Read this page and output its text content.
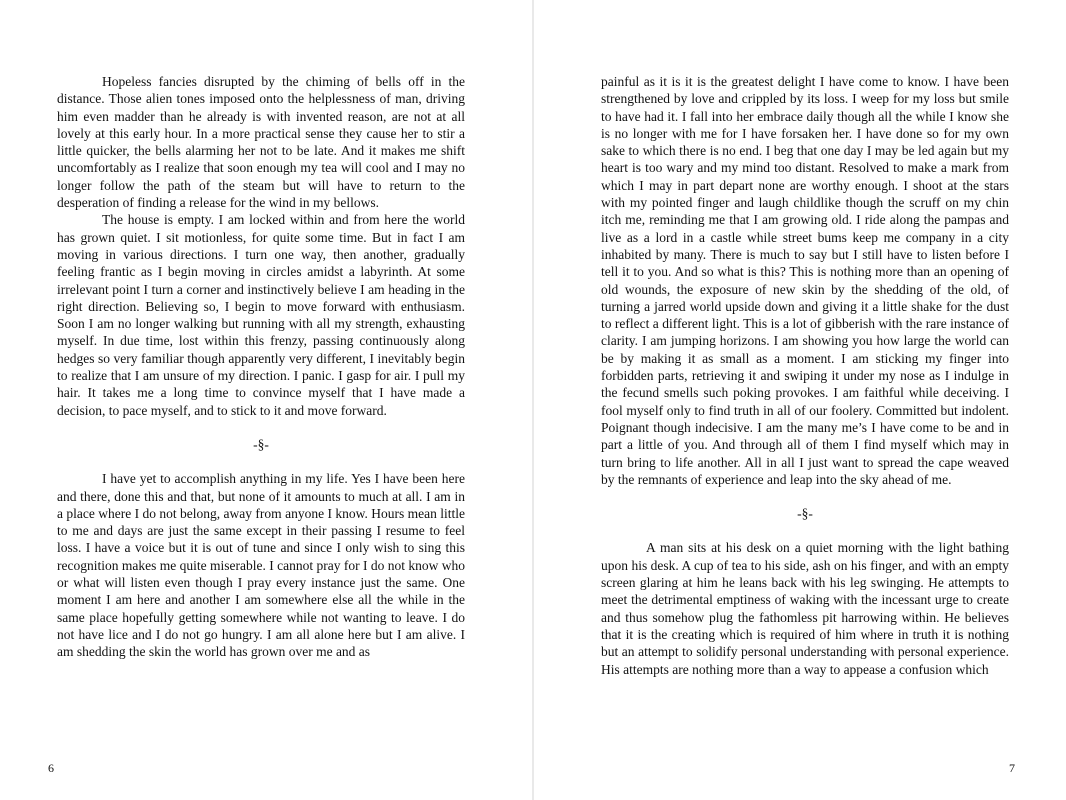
Hopeless fancies disrupted by the chiming of bells off in the distance. Those alien tones imposed onto the helplessness of man, driving him even madder than he already is with invented reason, are not at all lovely at this early hour. In a more practical sense they cause her to stir a little quicker, the bells alarming her not to be late. And it makes me shift uncomfortably as I realize that soon enough my tea will cool and I may no longer follow the path of the steam but will have to return to the desperation of finding a release for the wind in my bellows.

The house is empty. I am locked within and from here the world has grown quiet. I sit motionless, for quite some time. But in fact I am moving in various directions. I turn one way, then another, gradually feeling frantic as I begin moving in circles amidst a labyrinth. At some irrelevant point I turn a corner and instinctively believe I am heading in the right direction. Believing so, I begin to move forward with enthusiasm. Soon I am no longer walking but running with all my strength, exhausting myself. In due time, lost within this frenzy, passing continuously along hedges so very familiar though apparently very different, I inevitably begin to realize that I am unsure of my direction. I panic. I gasp for air. I pull my hair. It takes me a long time to convince myself that I have made a decision, to pace myself, and to stick to it and move forward.

-§-

I have yet to accomplish anything in my life. Yes I have been here and there, done this and that, but none of it amounts to much at all. I am in a place where I do not belong, away from anyone I know. Hours mean little to me and days are just the same except in their passing I resume to feel loss. I have a voice but it is out of tune and since I only wish to sing this recognition makes me quite miserable. I cannot pray for I do not know who or what will listen even though I pray every instance just the same. One moment I am here and another I am somewhere else all the while in the same place hopefully getting somewhere while not wanting to leave. I do not have lice and I do not go hungry. I am all alone here but I am alive. I am shedding the skin the world has grown over me and as

6

painful as it is it is the greatest delight I have come to know. I have been strengthened by love and crippled by its loss. I weep for my loss but smile to have had it. I fall into her embrace daily though all the while I know she is no longer with me for I have forsaken her. I have done so for my own sake to which there is no end. I beg that one day I may be led again but my heart is too wary and my mind too distant. Resolved to make a mark from which I may in part depart none are worthy enough. I shoot at the stars with my pointed finger and laugh childlike though the scruff on my chin itch me, reminding me that I am growing old. I ride along the pampas and live as a lord in a castle while street bums keep me company in a city inhabited by many. There is much to say but I still have to listen before I tell it to you. And so what is this? This is nothing more than an opening of old wounds, the exposure of new skin by the shedding of the old, of turning a jarred world upside down and giving it a little shake for the dust to reflect a different light. This is a lot of gibberish with the rare instance of clarity. I am jumping horizons. I am showing you how large the world can be by making it as small as a moment. I am sticking my finger into forbidden parts, retrieving it and swiping it under my nose as I indulge in the fecund smells such poking provokes. I am faithful while deceiving. I fool myself only to find truth in all of our foolery. Committed but indolent. Poignant though indecisive. I am the many me’s I have come to be and in part a little of you. And through all of them I find myself which may in turn bring to life another. All in all I just want to spread the cape weaved by the remnants of experience and leap into the sky ahead of me.

-§-

A man sits at his desk on a quiet morning with the light bathing upon his desk. A cup of tea to his side, ash on his finger, and with an empty screen glaring at him he leans back with his leg swinging. He attempts to meet the detrimental emptiness of waking with the incessant urge to create and thus somehow plug the fathomless pit harrowing within. He believes that it is the creating which is required of him where in truth it is nothing but an attempt to solidify personal understanding with personal experience. His attempts are nothing more than a way to appease a confusion which

7
